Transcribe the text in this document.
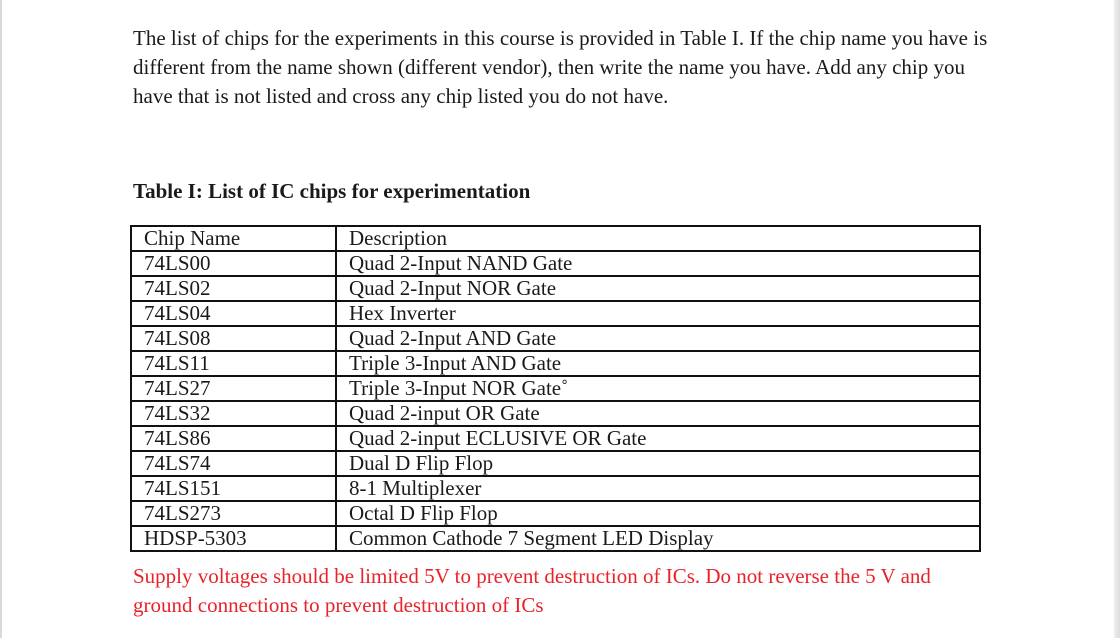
The list of chips for the experiments in this course is provided in Table I. If the chip name you have is different from the name shown (different vendor), then write the name you have. Add any chip you have that is not listed and cross any chip listed you do not have.

Table I: List of IC chips for experimentation

Chip Name	Description
74LS00	Quad 2-Input NAND Gate
74LS02	Quad 2-Input NOR Gate
74LS04	Hex Inverter
74LS08	Quad 2-Input AND Gate
74LS11	Triple 3-Input AND Gate
74LS27	Triple 3-Input NOR Gate˚
74LS32	Quad 2-input OR Gate
74LS86	Quad 2-input ECLUSIVE OR Gate
74LS74	Dual D Flip Flop
74LS151	8-1 Multiplexer
74LS273	Octal D Flip Flop
HDSP-5303	Common Cathode 7 Segment LED Display

Supply voltages should be limited 5V to prevent destruction of ICs. Do not reverse the 5 V and ground connections to prevent destruction of ICs
